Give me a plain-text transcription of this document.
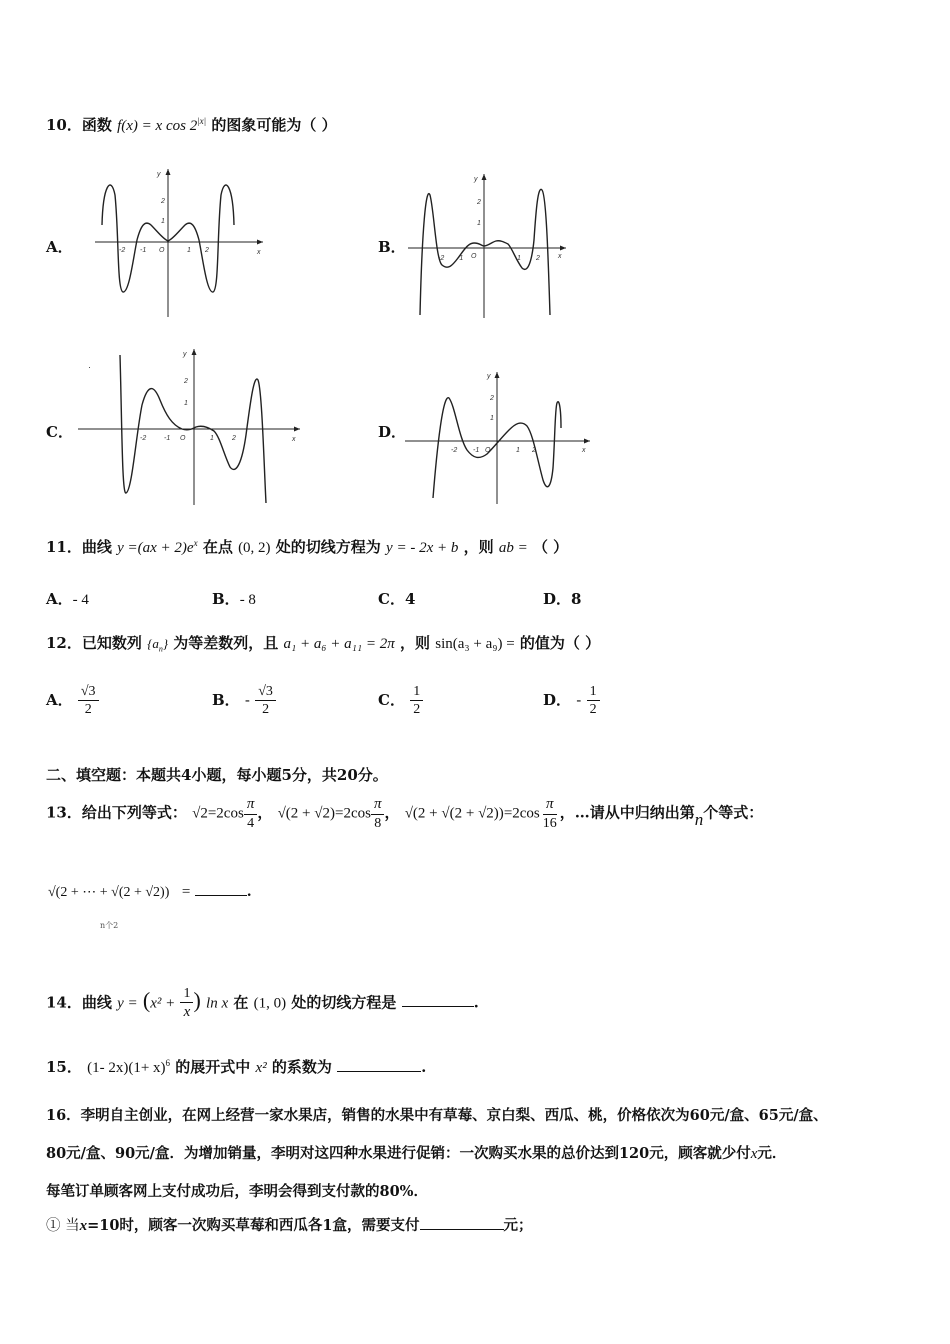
10．函数 f(x) = x $\cos 2^{|x|}$ 的图象可能为（ ）
A．	B．
C．	D．
y
x
2
1
-2 -1 O	1 2
y
x
2
1
-2 -1 O	1 2
·
y
x
2
1
-2	-1 O	1	2
y
x
2
1
-2 -1 O	1 2
11．曲线 $y =(ax + 2)e^x$ 在点 (0, 2) 处的切线方程为 y = - 2x + b ，则 ab = （ ）
A．- 4	B．- 8	C．4	D．8
12．已知数列 $\{a_n\}$ 为等差数列，且 a₁ + a₆ + a₁₁ = 2π ，则 sin(a₃ + a₉) = 的值为（ ）
A． $\frac{√3}{2}$	B． - $\frac{√3}{2}$	C． $\frac{1}{2}$	D． - $\frac{1}{2}$
二、填空题：本题共4小题，每小题5分，共20分。
13．给出下列等式： $√2=2\cos \frac{\pi}{4}$ ， $√(2 + √2)=2\cos \frac{\pi}{8}$ ， $√(2 + √(2 + √2))=2\cos \frac{\pi}{16}$ ，…请从中归纳出第n个等式：
√(2 + ⋯ + √(2 + √2)) =	.
n个2
14．曲线 $y = (x^2 + \frac{1}{x}$ ) ln x 在 (1, 0) 处的切线方程是	.
15． (1- $2x)(1+ x)^6$ 的展开式中 x² 的系数为	.
16．李明自主创业，在网上经营一家水果店，销售的水果中有草莓、京白梨、西瓜、桃，价格依次为60元/盒、65元/盒、
80元/盒、90元/盒．为增加销量，李明对这四种水果进行促销：一次购买水果的总价达到120元，顾客就少付x元．
每笔订单顾客网上支付成功后，李明会得到支付款的80%．
① 当x=10时，顾客一次购买草莓和西瓜各1盒，需要支付	元；
